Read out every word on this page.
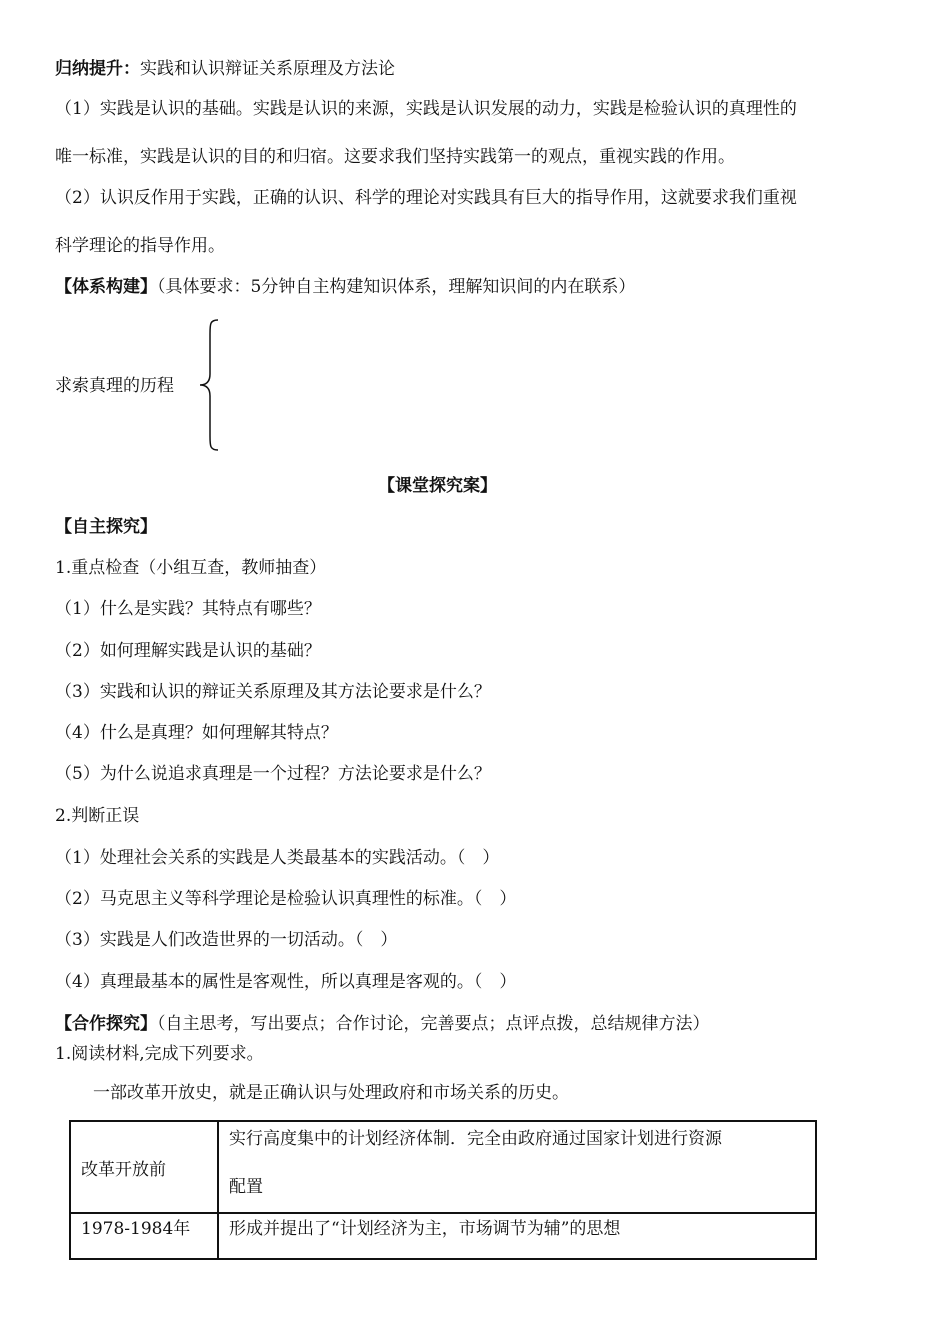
归纳提升：实践和认识辩证关系原理及方法论
（1）实践是认识的基础。实践是认识的来源，实践是认识发展的动力，实践是检验认识的真理性的
唯一标准，实践是认识的目的和归宿。这要求我们坚持实践第一的观点，重视实践的作用。
（2）认识反作用于实践，正确的认识、科学的理论对实践具有巨大的指导作用，这就要求我们重视
科学理论的指导作用。
【体系构建】（具体要求：5分钟自主构建知识体系，理解知识间的内在联系）
求索真理的历程
【课堂探究案】
【自主探究】
1.重点检查（小组互查，教师抽查）
（1）什么是实践？其特点有哪些？
（2）如何理解实践是认识的基础？
（3）实践和认识的辩证关系原理及其方法论要求是什么？
（4）什么是真理？如何理解其特点？
（5）为什么说追求真理是一个过程？方法论要求是什么？
2.判断正误
（1）处理社会关系的实践是人类最基本的实践活动。（　）
（2）马克思主义等科学理论是检验认识真理性的标准。（　）
（3）实践是人们改造世界的一切活动。（　）
（4）真理最基本的属性是客观性，所以真理是客观的。（　）
【合作探究】（自主思考，写出要点；合作讨论，完善要点；点评点拨，总结规律方法）
1.阅读材料,完成下列要求。
一部改革开放史，就是正确认识与处理政府和市场关系的历史。
改革开放前	实行高度集中的计划经济体制．完全由政府通过国家计划进行资源
配置

1978-1984年	形成并提出了“计划经济为主，市场调节为辅”的思想
